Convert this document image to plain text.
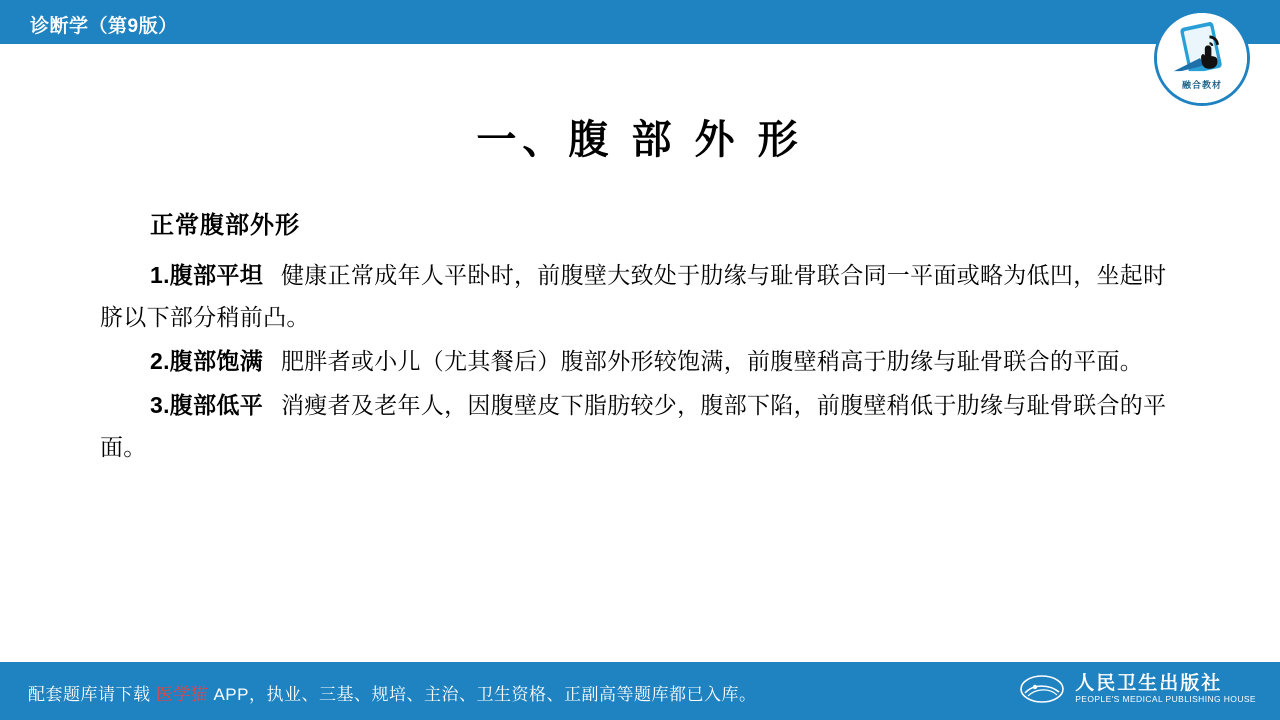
诊断学（第9版）
融合教材
一、腹 部 外 形
正常腹部外形

1.腹部平坦 健康正常成年人平卧时，前腹壁大致处于肋缘与耻骨联合同一平面或略为低凹，坐起时脐以下部分稍前凸。

2.腹部饱满 肥胖者或小儿（尤其餐后）腹部外形较饱满，前腹壁稍高于肋缘与耻骨联合的平面。

3.腹部低平 消瘦者及老年人，因腹壁皮下脂肪较少，腹部下陷，前腹壁稍低于肋缘与耻骨联合的平面。

配套题库请下载 医学猫 APP，执业、三基、规培、主治、卫生资格、正副高等题库都已入库。
人民卫生出版社
PEOPLE'S MEDICAL PUBLISHING HOUSE
